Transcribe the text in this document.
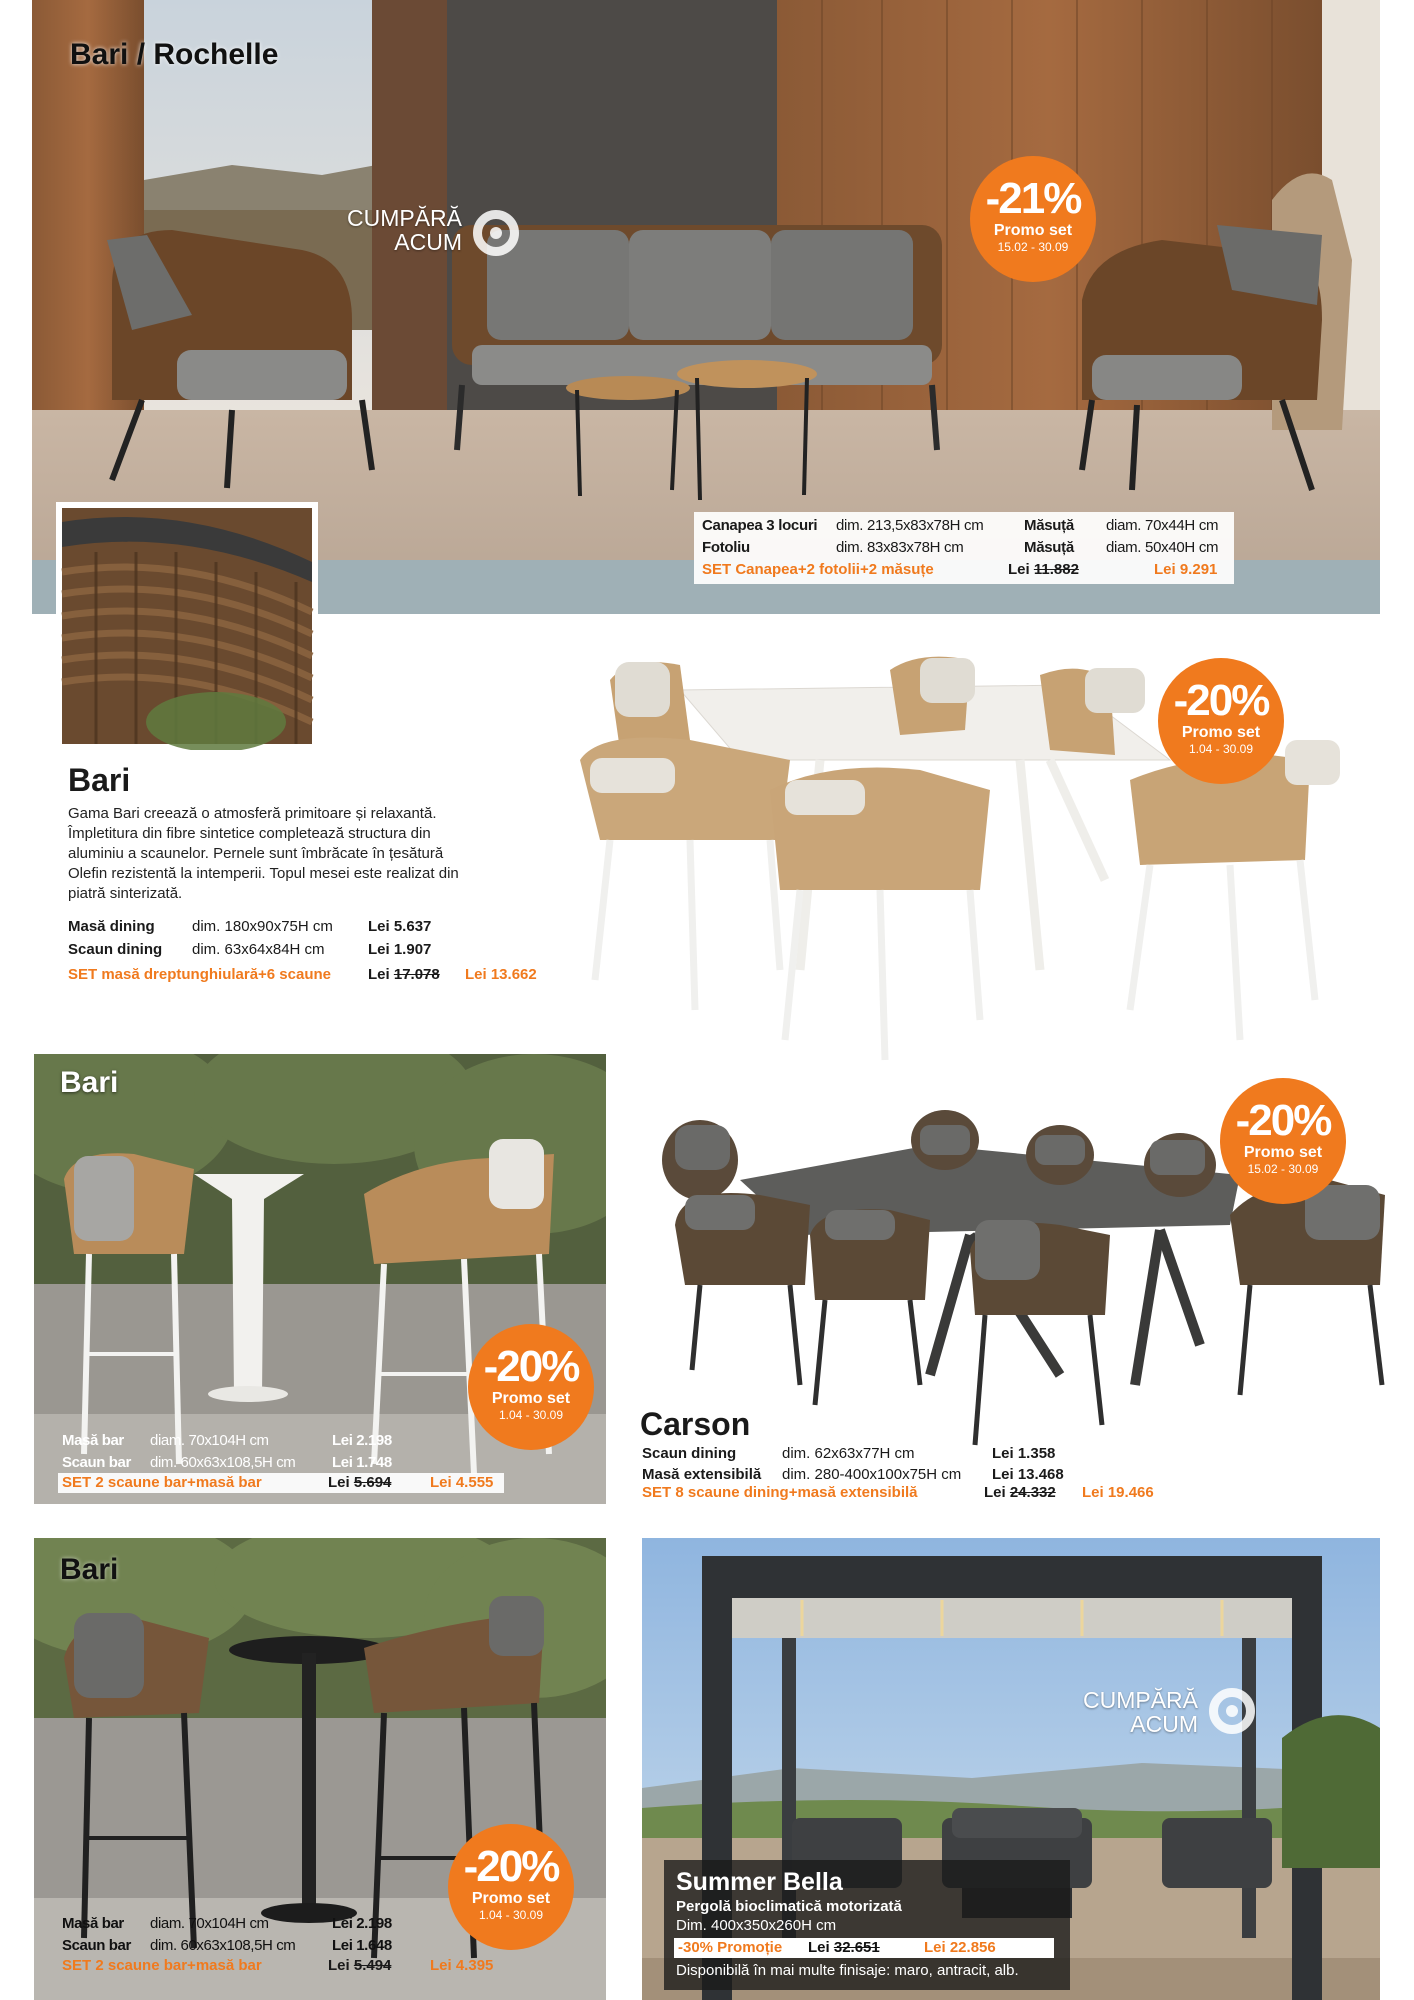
Bari / Rochelle
CUMPĂRĂ
ACUM
-21%
Promo set
15.02 - 30.09
Canapea 3 locuri	dim. 213,5x83x78H cm	Măsuță	diam. 70x44H cm
Fotoliu	dim. 83x83x78H cm	Măsuță	diam. 50x40H cm
SET Canapea+2 fotolii+2 măsuțe	Lei 11.882	Lei 9.291
Bari
Gama Bari creează o atmosferă primitoare și relaxantă. Împletitura din fibre sintetice completează structura din aluminiu a scaunelor. Pernele sunt îmbrăcate în țesătură Olefin rezistentă la intemperii. Topul mesei este realizat din piatră sinterizată.
Masă dining	dim. 180x90x75H cm	Lei 5.637
Scaun dining	dim. 63x64x84H cm	Lei 1.907
SET masă dreptunghiulară+6 scaune Lei 17.078 Lei 13.662
-20%
Promo set
1.04 - 30.09
Bari
-20%
Promo set
1.04 - 30.09
Masă bar	diam. 70x104H cm	Lei 2.198
Scaun bar	dim. 60x63x108,5H cm	Lei 1.748
SET 2 scaune bar+masă bar	Lei 5.694	Lei 4.555
-20%
Promo set
15.02 - 30.09
Carson
Scaun dining	dim. 62x63x77H cm	Lei 1.358
Masă extensibilă	dim. 280-400x100x75H cm	Lei 13.468
SET 8 scaune dining+masă extensibilă	Lei 24.332 Lei 19.466
Bari
-20%
Promo set
1.04 - 30.09
Masă bar	diam. 70x104H cm	Lei 2.198
Scaun bar	dim. 60x63x108,5H cm	Lei 1.648
SET 2 scaune bar+masă bar	Lei 5.494	Lei 4.395
CUMPĂRĂ
ACUM
Summer Bella
Pergolă bioclimatică motorizată
Dim. 400x350x260H cm
-30% Promoție Lei 32.651	Lei 22.856
Disponibilă în mai multe finisaje: maro, antracit, alb.
